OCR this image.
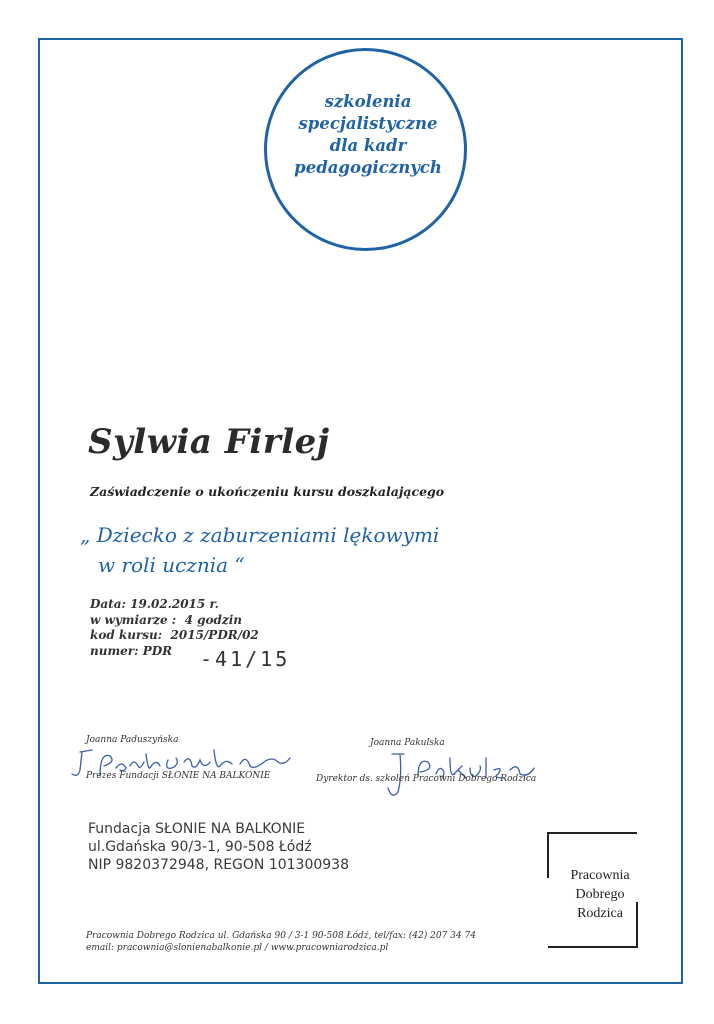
szkolenia
specjalistyczne
dla kadr
pedagogicznych
Sylwia Firlej
Zaświadczenie o ukończeniu kursu doszkalającego
„ Dziecko z zaburzeniami lękowymi
w roli ucznia “
Data: 19.02.2015 r.
w wymiarze :  4 godzin
kod kursu:  2015/PDR/02
numer: PDR	-41/15
Joanna Paduszyńska
Prezes Fundacji SŁONIE NA BALKONIE
Joanna Pakulska
Dyrektor ds. szkoleń Pracowni Dobrego Rodzica
Fundacja SŁONIE NA BALKONIE
ul.Gdańska 90/3-1, 90-508 Łódź
NIP 9820372948, REGON 101300938
Pracownia
Dobrego
Rodzica
Pracownia Dobrego Rodzica ul. Gdańska 90 / 3-1 90-508 Łódź, tel/fax: (42) 207 34 74
email: pracownia@slonienabalkonie.pl / www.pracowniarodzica.pl
